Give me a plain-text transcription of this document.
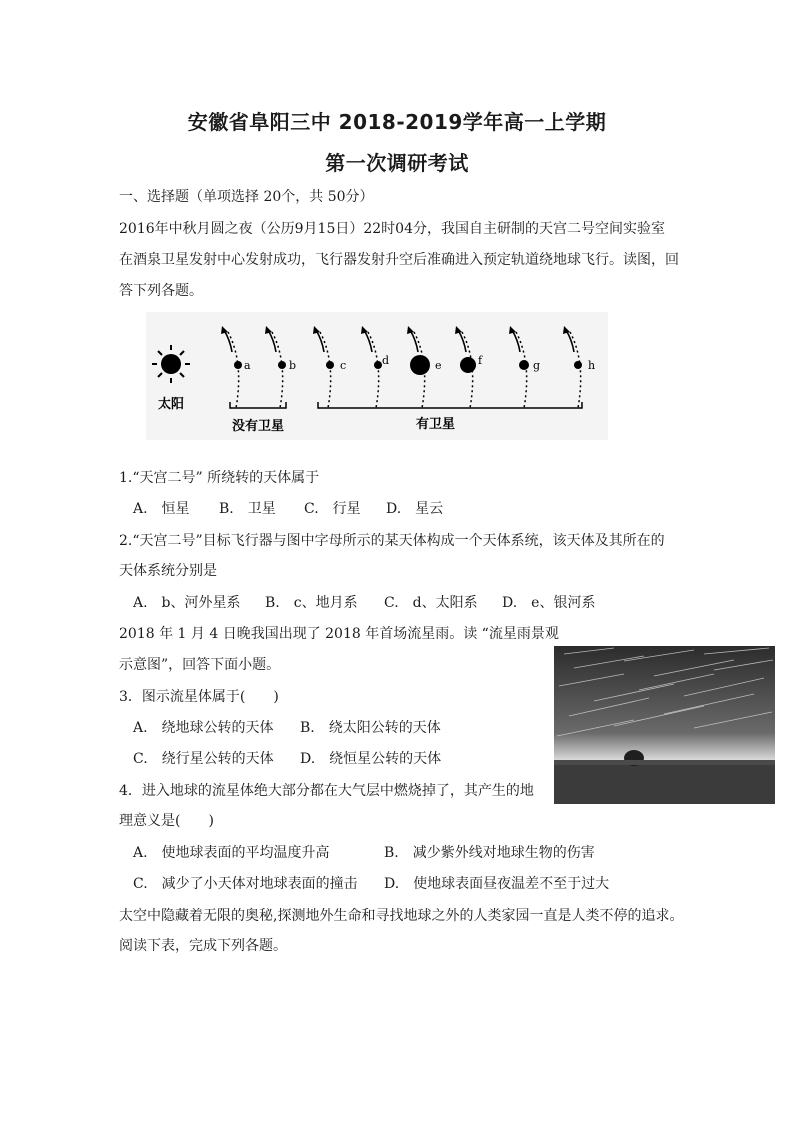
安徽省阜阳三中 2018-2019学年高一上学期
第一次调研考试
一、选择题（单项选择 20个，共 50分）
2016年中秋月圆之夜（公历9月15日）22时04分，我国自主研制的天宫二号空间实验室
在酒泉卫星发射中心发射成功，飞行器发射升空后准确进入预定轨道绕地球飞行。读图，回
答下列各题。
太阳
a	b	c	d	e	f	g	h
没有卫星	有卫星
1.“天宫二号” 所绕转的天体属于
A.　恒星 B.　卫星 C.　行星 D.　星云
2.“天宫二号”目标飞行器与图中字母所示的某天体构成一个天体系统，该天体及其所在的
天体系统分别是
A.　b、河外星系 B.　c、地月系 C.　d、太阳系 D.　e、银河系
2018 年 1 月 4 日晚我国出现了 2018 年首场流星雨。读 “流星雨景观
示意图”，回答下面小题。
3．图示流星体属于(　　)
A.　绕地球公转的天体 B.　绕太阳公转的天体
C.　绕行星公转的天体 D.　绕恒星公转的天体
4．进入地球的流星体绝大部分都在大气层中燃烧掉了，其产生的地
理意义是(　　)
A.　使地球表面的平均温度升高	B.　减少紫外线对地球生物的伤害
C.　减少了小天体对地球表面的撞击 D.　使地球表面昼夜温差不至于过大
太空中隐藏着无限的奥秘,探测地外生命和寻找地球之外的人类家园一直是人类不停的追求。
阅读下表，完成下列各题。
